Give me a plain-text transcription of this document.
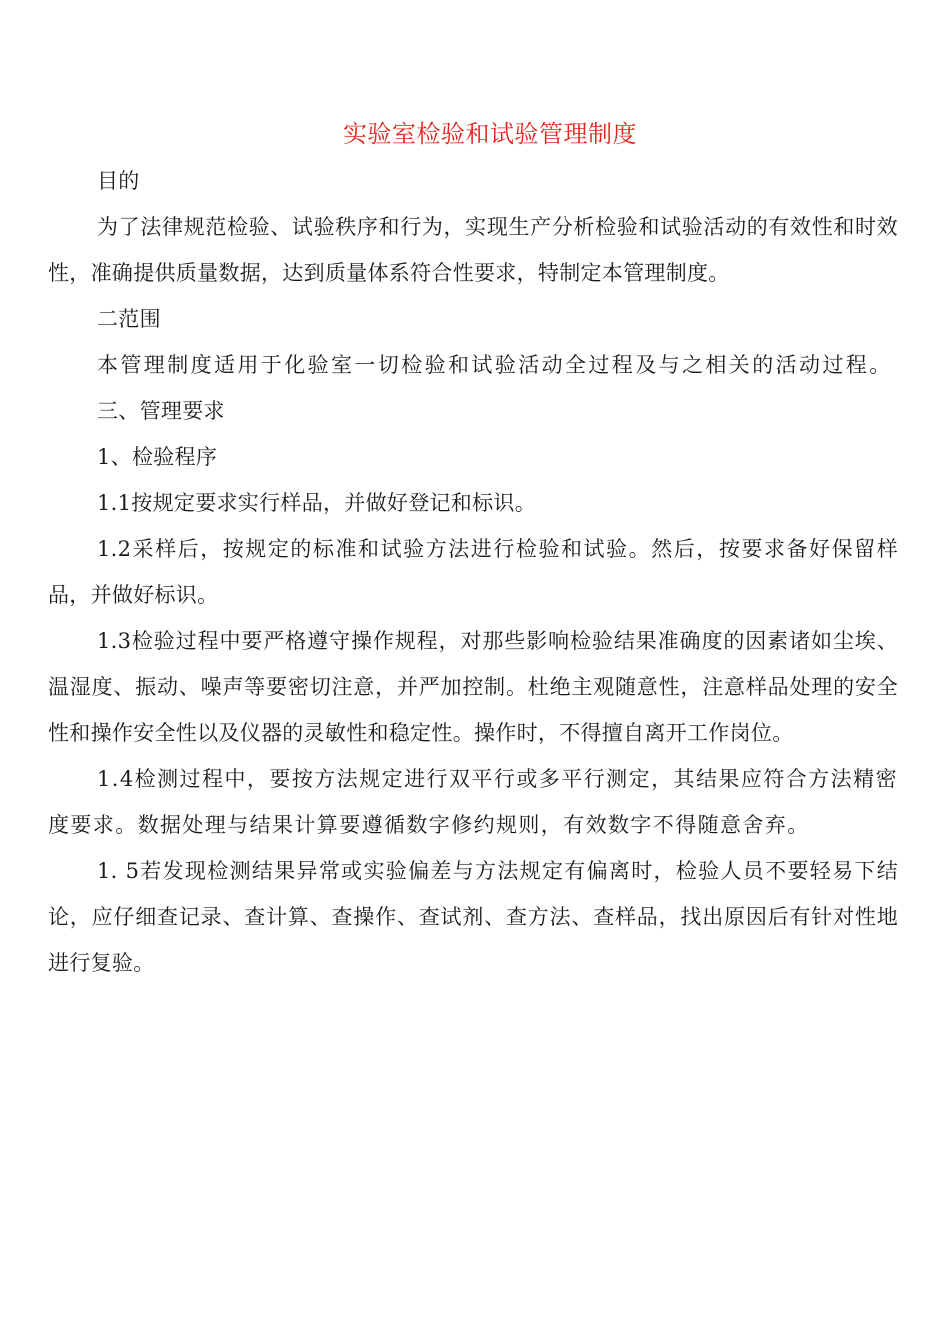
实验室检验和试验管理制度

目的

为了法律规范检验、试验秩序和行为，实现生产分析检验和试验活动的有效性和时效性，准确提供质量数据，达到质量体系符合性要求，特制定本管理制度。

二范围

本管理制度适用于化验室一切检验和试验活动全过程及与之相关的活动过程。

三、管理要求

1、检验程序

1.1按规定要求实行样品，并做好登记和标识。

1.2采样后，按规定的标准和试验方法进行检验和试验。然后，按要求备好保留样品，并做好标识。

1.3检验过程中要严格遵守操作规程，对那些影响检验结果准确度的因素诸如尘埃、温湿度、振动、噪声等要密切注意，并严加控制。杜绝主观随意性，注意样品处理的安全性和操作安全性以及仪器的灵敏性和稳定性。操作时，不得擅自离开工作岗位。

1.4检测过程中，要按方法规定进行双平行或多平行测定，其结果应符合方法精密度要求。数据处理与结果计算要遵循数字修约规则，有效数字不得随意舍弃。

1. 5若发现检测结果异常或实验偏差与方法规定有偏离时，检验人员不要轻易下结论，应仔细查记录、查计算、查操作、查试剂、查方法、查样品，找出原因后有针对性地进行复验。
